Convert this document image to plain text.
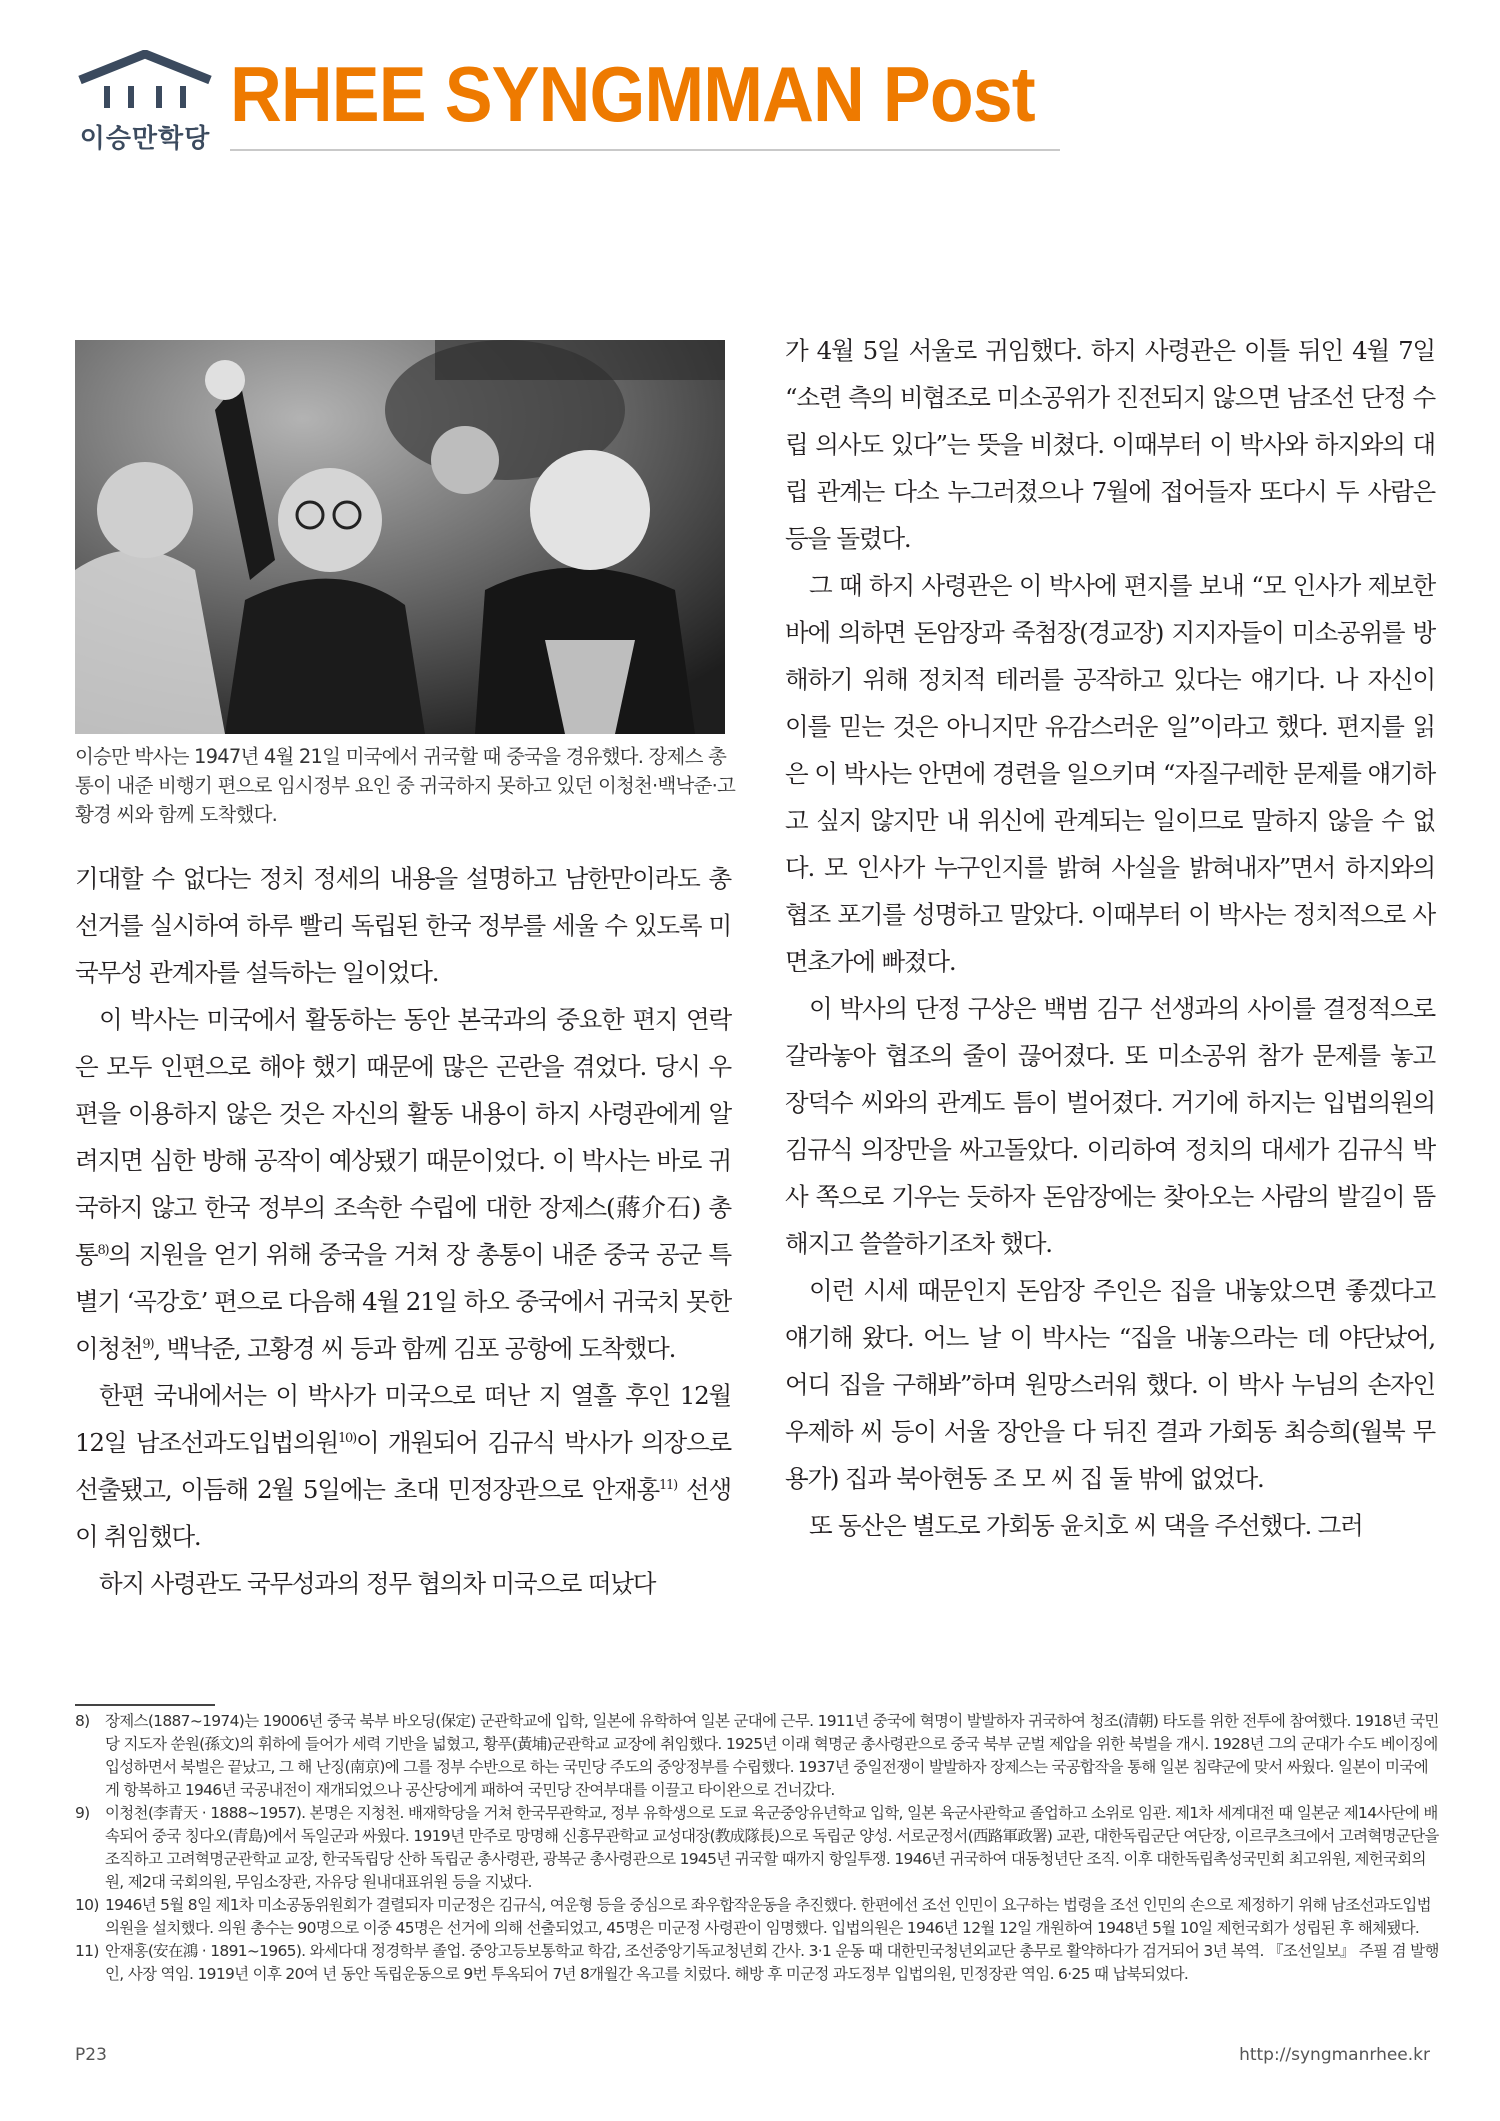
이승만학당
RHEE SYNGMMAN Post
이승만 박사는 1947년 4월 21일 미국에서 귀국할 때 중국을 경유했다. 장제스 총통이 내준 비행기 편으로 임시정부 요인 중 귀국하지 못하고 있던 이청천·백낙준·고황경 씨와 함께 도착했다.

기대할 수 없다는 정치 정세의 내용을 설명하고 남한만이라도 총선거를 실시하여 하루 빨리 독립된 한국 정부를 세울 수 있도록 미 국무성 관계자를 설득하는 일이었다.

이 박사는 미국에서 활동하는 동안 본국과의 중요한 편지 연락은 모두 인편으로 해야 했기 때문에 많은 곤란을 겪었다. 당시 우편을 이용하지 않은 것은 자신의 활동 내용이 하지 사령관에게 알려지면 심한 방해 공작이 예상됐기 때문이었다. 이 박사는 바로 귀국하지 않고 한국 정부의 조속한 수립에 대한 장제스(蔣介石) 총통$^{8)}$의 지원을 얻기 위해 중국을 거쳐 장 총통이 내준 중국 공군 특별기 ‘곡강호’ 편으로 다음해 4월 21일 하오 중국에서 귀국치 못한 이청천$^{9)}$, 백낙준, 고황경 씨 등과 함께 김포 공항에 도착했다.

한편 국내에서는 이 박사가 미국으로 떠난 지 열흘 후인 12월 12일 남조선과도입법의원$^{10)}$이 개원되어 김규식 박사가 의장으로 선출됐고, 이듬해 2월 5일에는 초대 민정장관으로 안재홍$^{11)}$ 선생이 취임했다.

하지 사령관도 국무성과의 정무 협의차 미국으로 떠났다

가 4월 5일 서울로 귀임했다. 하지 사령관은 이틀 뒤인 4월 7일 “소련 측의 비협조로 미소공위가 진전되지 않으면 남조선 단정 수립 의사도 있다”는 뜻을 비쳤다. 이때부터 이 박사와 하지와의 대립 관계는 다소 누그러졌으나 7월에 접어들자 또다시 두 사람은 등을 돌렸다.

그 때 하지 사령관은 이 박사에 편지를 보내 “모 인사가 제보한 바에 의하면 돈암장과 죽첨장(경교장) 지지자들이 미소공위를 방해하기 위해 정치적 테러를 공작하고 있다는 얘기다. 나 자신이 이를 믿는 것은 아니지만 유감스러운 일”이라고 했다. 편지를 읽은 이 박사는 안면에 경련을 일으키며 “자질구레한 문제를 얘기하고 싶지 않지만 내 위신에 관계되는 일이므로 말하지 않을 수 없다. 모 인사가 누구인지를 밝혀 사실을 밝혀내자”면서 하지와의 협조 포기를 성명하고 말았다. 이때부터 이 박사는 정치적으로 사면초가에 빠졌다.

이 박사의 단정 구상은 백범 김구 선생과의 사이를 결정적으로 갈라놓아 협조의 줄이 끊어졌다. 또 미소공위 참가 문제를 놓고 장덕수 씨와의 관계도 틈이 벌어졌다. 거기에 하지는 입법의원의 김규식 의장만을 싸고돌았다. 이리하여 정치의 대세가 김규식 박사 쪽으로 기우는 듯하자 돈암장에는 찾아오는 사람의 발길이 뜸해지고 쓸쓸하기조차 했다.

이런 시세 때문인지 돈암장 주인은 집을 내놓았으면 좋겠다고 얘기해 왔다. 어느 날 이 박사는 “집을 내놓으라는 데 야단났어, 어디 집을 구해봐”하며 원망스러워 했다. 이 박사 누님의 손자인 우제하 씨 등이 서울 장안을 다 뒤진 결과 가회동 최승희(월북 무용가) 집과 북아현동 조 모 씨 집 둘 밖에 없었다.

또 동산은 별도로 가회동 윤치호 씨 댁을 주선했다. 그러

8) 장제스(1887~1974)는 19006년 중국 북부 바오딩(保定) 군관학교에 입학, 일본에 유학하여 일본 군대에 근무. 1911년 중국에 혁명이 발발하자 귀국하여 청조(清朝) 타도를 위한 전투에 참여했다. 1918년 국민당 지도자 쑨원(孫文)의 휘하에 들어가 세력 기반을 넓혔고, 황푸(黃埔)군관학교 교장에 취임했다. 1925년 이래 혁명군 총사령관으로 중국 북부 군벌 제압을 위한 북벌을 개시. 1928년 그의 군대가 수도 베이징에 입성하면서 북벌은 끝났고, 그 해 난징(南京)에 그를 정부 수반으로 하는 국민당 주도의 중앙정부를 수립했다. 1937년 중일전쟁이 발발하자 장제스는 국공합작을 통해 일본 침략군에 맞서 싸웠다. 일본이 미국에게 항복하고 1946년 국공내전이 재개되었으나 공산당에게 패하여 국민당 잔여부대를 이끌고 타이완으로 건너갔다.

9) 이청천(李青天 · 1888~1957). 본명은 지청천. 배재학당을 거쳐 한국무관학교, 정부 유학생으로 도쿄 육군중앙유년학교 입학, 일본 육군사관학교 졸업하고 소위로 임관. 제1차 세계대전 때 일본군 제14사단에 배속되어 중국 칭다오(青島)에서 독일군과 싸웠다. 1919년 만주로 망명해 신흥무관학교 교성대장(教成隊長)으로 독립군 양성. 서로군정서(西路軍政署) 교관, 대한독립군단 여단장, 이르쿠츠크에서 고려혁명군단을 조직하고 고려혁명군관학교 교장, 한국독립당 산하 독립군 총사령관, 광복군 총사령관으로 1945년 귀국할 때까지 항일투쟁. 1946년 귀국하여 대동청년단 조직. 이후 대한독립촉성국민회 최고위원, 제헌국회의원, 제2대 국회의원, 무임소장관, 자유당 원내대표위원 등을 지냈다.

10) 1946년 5월 8일 제1차 미소공동위원회가 결렬되자 미군정은 김규식, 여운형 등을 중심으로 좌우합작운동을 추진했다. 한편에선 조선 인민이 요구하는 법령을 조선 인민의 손으로 제정하기 위해 남조선과도입법의원을 설치했다. 의원 총수는 90명으로 이중 45명은 선거에 의해 선출되었고, 45명은 미군정 사령관이 임명했다. 입법의원은 1946년 12월 12일 개원하여 1948년 5월 10일 제헌국회가 성립된 후 해체됐다.

11) 안재홍(安在鴻 · 1891~1965). 와세다대 정경학부 졸업. 중앙고등보통학교 학감, 조선중앙기독교청년회 간사. 3·1 운동 때 대한민국청년외교단 총무로 활약하다가 검거되어 3년 복역. 『조선일보』 주필 겸 발행인, 사장 역임. 1919년 이후 20여 년 동안 독립운동으로 9번 투옥되어 7년 8개월간 옥고를 치렀다. 해방 후 미군정 과도정부 입법의원, 민정장관 역임. 6·25 때 납북되었다.

P23	http://syngmanrhee.kr
